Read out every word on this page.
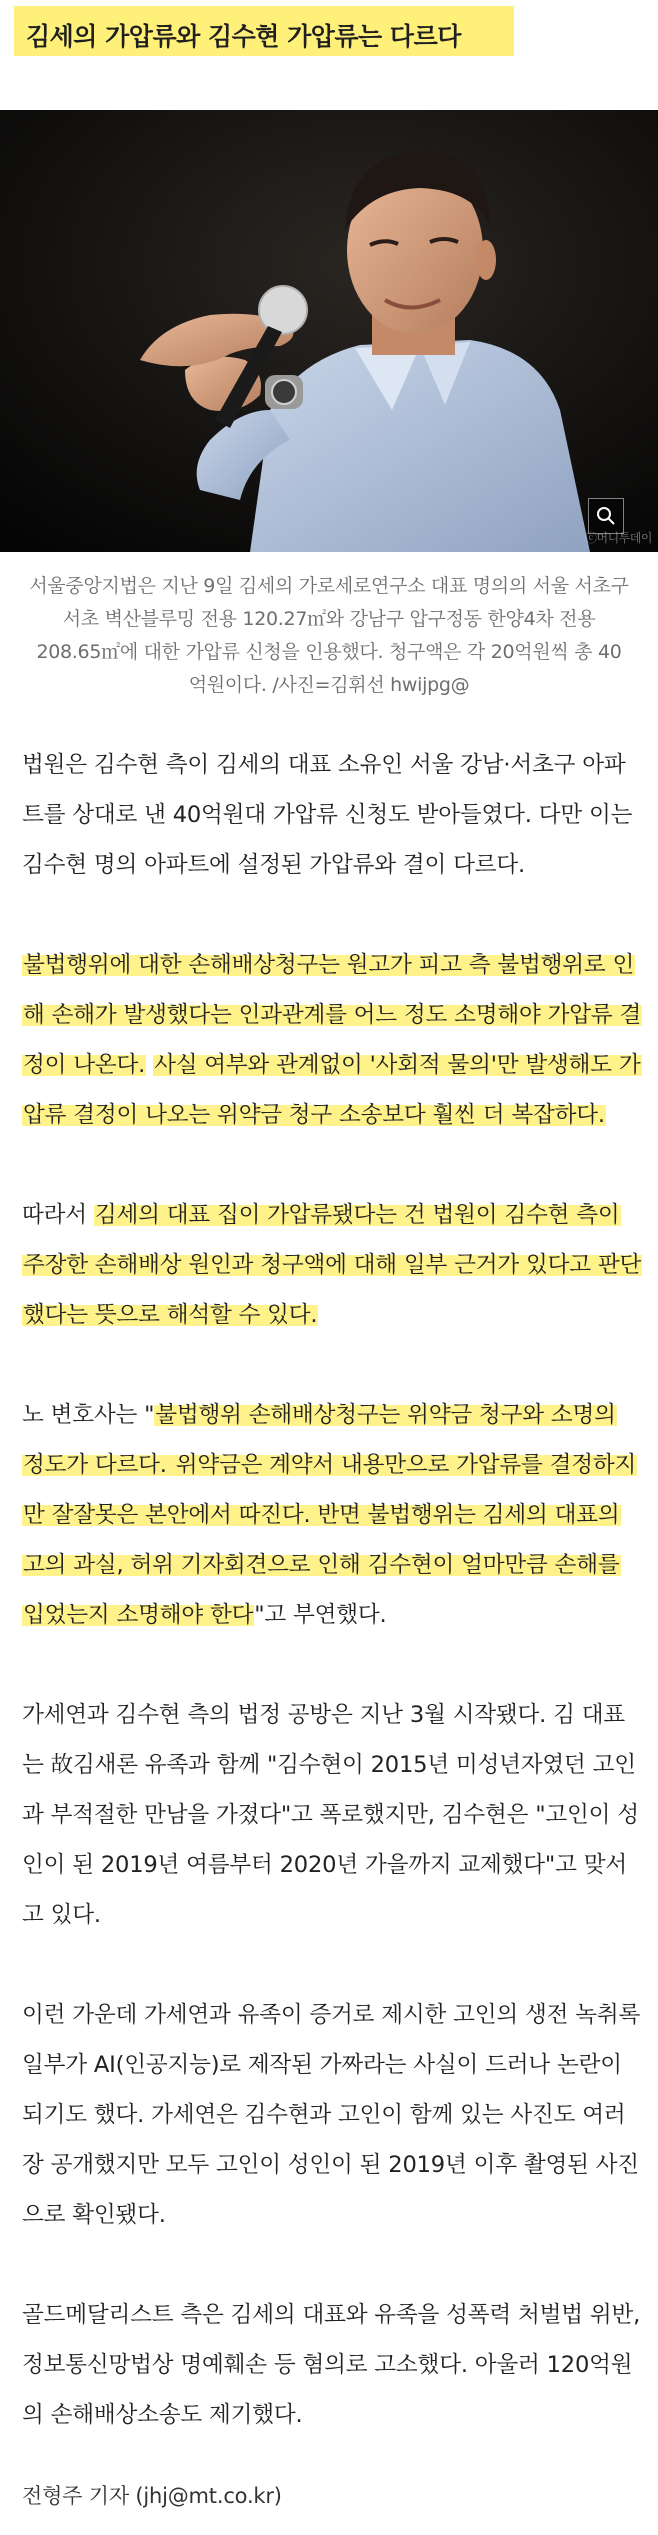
김세의 가압류와 김수현 가압류는 다르다
ⓒ머니투데이

서울중앙지법은 지난 9일 김세의 가로세로연구소 대표 명의의 서울 서초구 서초 벽산블루밍 전용 120.27㎡와 강남구 압구정동 한양4차 전용 208.65㎡에 대한 가압류 신청을 인용했다. 청구액은 각 20억원씩 총 40억원이다. /사진=김휘선 hwijpg@

법원은 김수현 측이 김세의 대표 소유인 서울 강남·서초구 아파트를 상대로 낸 40억원대 가압류 신청도 받아들였다. 다만 이는 김수현 명의 아파트에 설정된 가압류와 결이 다르다.

불법행위에 대한 손해배상청구는 원고가 피고 측 불법행위로 인해 손해가 발생했다는 인과관계를 어느 정도 소명해야 가압류 결정이 나온다. 사실 여부와 관계없이 '사회적 물의'만 발생해도 가압류 결정이 나오는 위약금 청구 소송보다 훨씬 더 복잡하다.

따라서 김세의 대표 집이 가압류됐다는 건 법원이 김수현 측이 주장한 손해배상 원인과 청구액에 대해 일부 근거가 있다고 판단했다는 뜻으로 해석할 수 있다.

노 변호사는 "불법행위 손해배상청구는 위약금 청구와 소명의 정도가 다르다. 위약금은 계약서 내용만으로 가압류를 결정하지만 잘잘못은 본안에서 따진다. 반면 불법행위는 김세의 대표의 고의 과실, 허위 기자회견으로 인해 김수현이 얼마만큼 손해를 입었는지 소명해야 한다"고 부연했다.

가세연과 김수현 측의 법정 공방은 지난 3월 시작됐다. 김 대표는 故김새론 유족과 함께 "김수현이 2015년 미성년자였던 고인과 부적절한 만남을 가졌다"고 폭로했지만, 김수현은 "고인이 성인이 된 2019년 여름부터 2020년 가을까지 교제했다"고 맞서고 있다.

이런 가운데 가세연과 유족이 증거로 제시한 고인의 생전 녹취록 일부가 AI(인공지능)로 제작된 가짜라는 사실이 드러나 논란이 되기도 했다. 가세연은 김수현과 고인이 함께 있는 사진도 여러 장 공개했지만 모두 고인이 성인이 된 2019년 이후 촬영된 사진으로 확인됐다.

골드메달리스트 측은 김세의 대표와 유족을 성폭력 처벌법 위반, 정보통신망법상 명예훼손 등 혐의로 고소했다. 아울러 120억원의 손해배상소송도 제기했다.

전형주 기자 (jhj@mt.co.kr)
